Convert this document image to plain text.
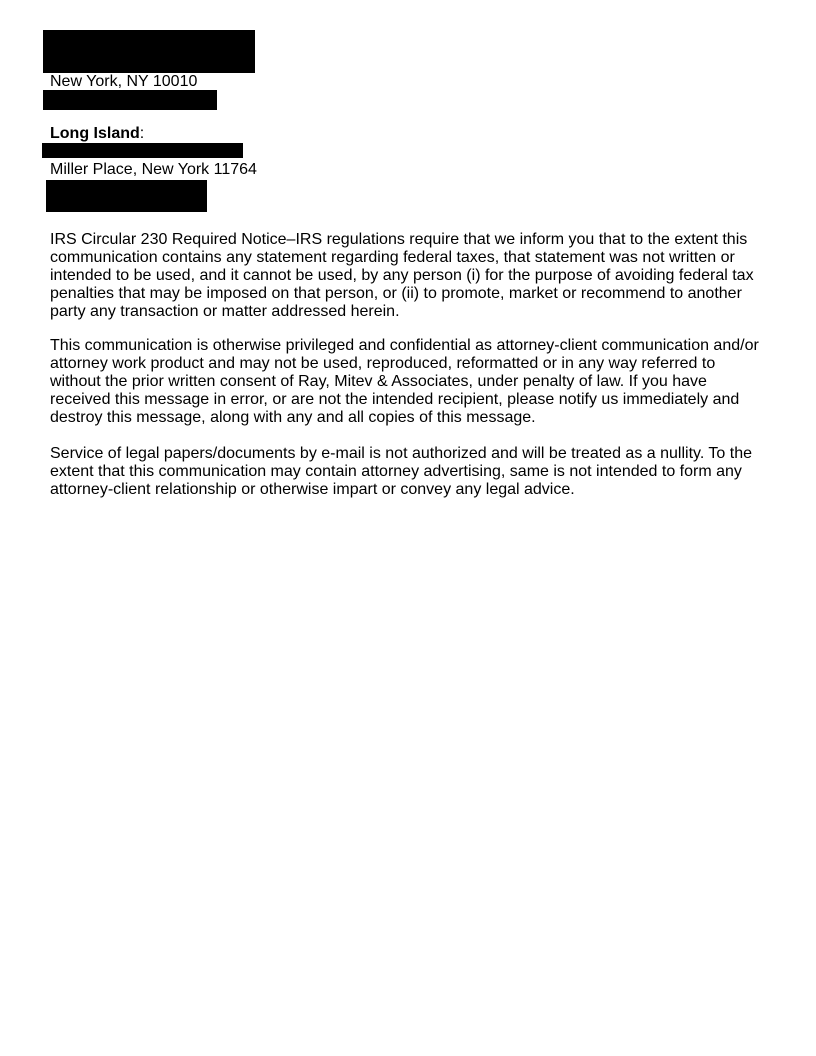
New York, NY 10010
Long Island:
Miller Place, New York 11764

IRS Circular 230 Required Notice–IRS regulations require that we inform you that to the extent this communication contains any statement regarding federal taxes, that statement was not written or intended to be used, and it cannot be used, by any person (i) for the purpose of avoiding federal tax penalties that may be imposed on that person, or (ii) to promote, market or recommend to another party any transaction or matter addressed herein.

This communication is otherwise privileged and confidential as attorney-client communication and/or attorney work product and may not be used, reproduced, reformatted or in any way referred to without the prior written consent of Ray, Mitev & Associates, under penalty of law. If you have received this message in error, or are not the intended recipient, please notify us immediately and destroy this message, along with any and all copies of this message.

Service of legal papers/documents by e-mail is not authorized and will be treated as a nullity. To the extent that this communication may contain attorney advertising, same is not intended to form any attorney-client relationship or otherwise impart or convey any legal advice.
